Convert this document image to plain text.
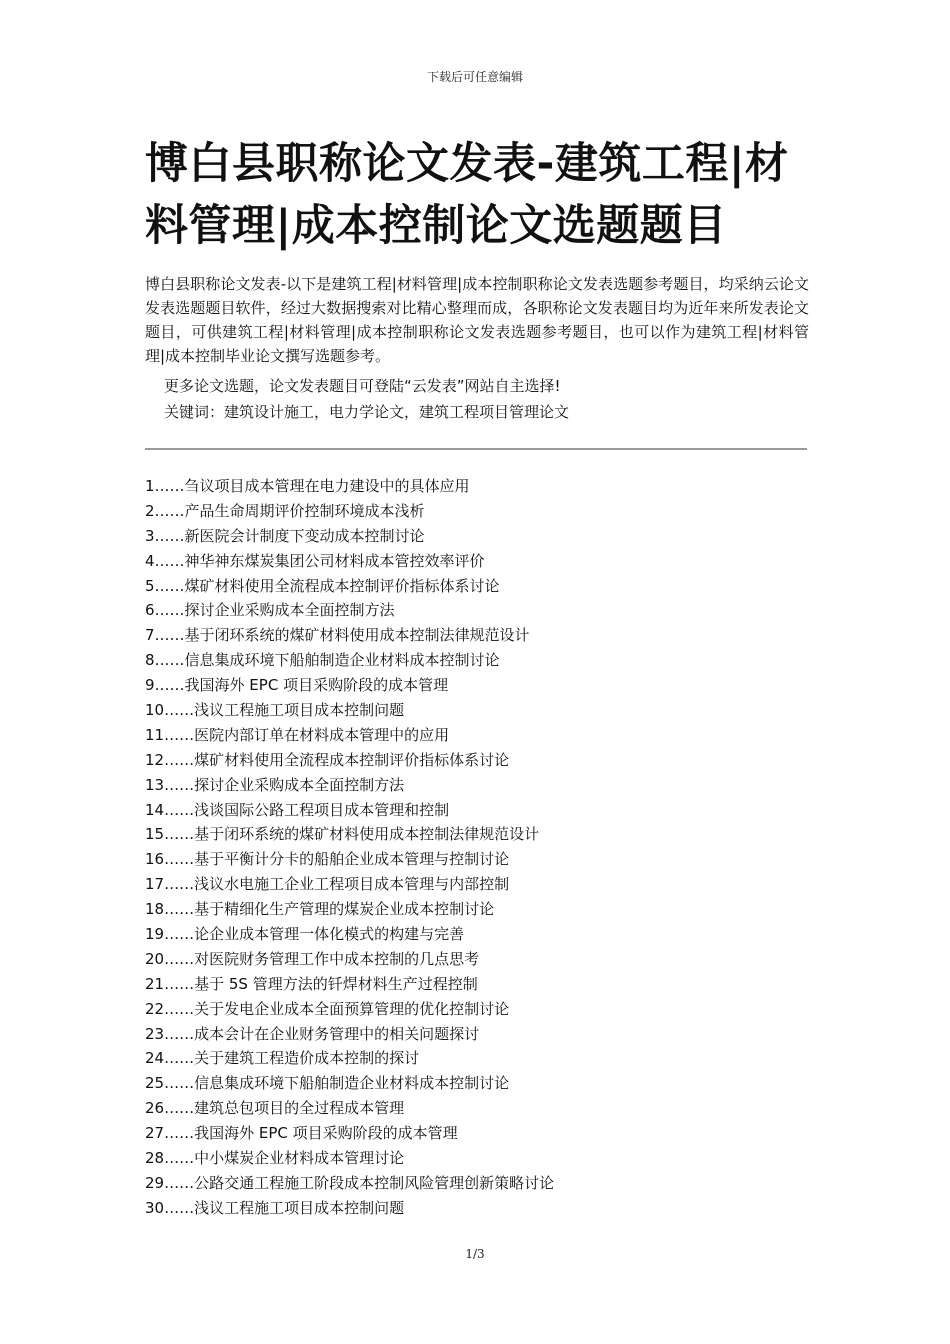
下载后可任意编辑
博白县职称论文发表-建筑工程|材料管理|成本控制论文选题题目

博白县职称论文发表-以下是建筑工程|材料管理|成本控制职称论文发表选题参考题目，均采纳云论文发表选题题目软件，经过大数据搜索对比精心整理而成，各职称论文发表题目均为近年来所发表论文题目，可供建筑工程|材料管理|成本控制职称论文发表选题参考题目，也可以作为建筑工程|材料管理|成本控制毕业论文撰写选题参考。

更多论文选题，论文发表题目可登陆“云发表”网站自主选择!

关键词：建筑设计施工，电力学论文，建筑工程项目管理论文

1……刍议项目成本管理在电力建设中的具体应用
2……产品生命周期评价控制环境成本浅析
3……新医院会计制度下变动成本控制讨论
4……神华神东煤炭集团公司材料成本管控效率评价
5……煤矿材料使用全流程成本控制评价指标体系讨论
6……探讨企业采购成本全面控制方法
7……基于闭环系统的煤矿材料使用成本控制法律规范设计
8……信息集成环境下船舶制造企业材料成本控制讨论
9……我国海外 EPC 项目采购阶段的成本管理
10……浅议工程施工项目成本控制问题
11……医院内部订单在材料成本管理中的应用
12……煤矿材料使用全流程成本控制评价指标体系讨论
13……探讨企业采购成本全面控制方法
14……浅谈国际公路工程项目成本管理和控制
15……基于闭环系统的煤矿材料使用成本控制法律规范设计
16……基于平衡计分卡的船舶企业成本管理与控制讨论
17……浅议水电施工企业工程项目成本管理与内部控制
18……基于精细化生产管理的煤炭企业成本控制讨论
19……论企业成本管理一体化模式的构建与完善
20……对医院财务管理工作中成本控制的几点思考
21……基于 5S 管理方法的钎焊材料生产过程控制
22……关于发电企业成本全面预算管理的优化控制讨论
23……成本会计在企业财务管理中的相关问题探讨
24……关于建筑工程造价成本控制的探讨
25……信息集成环境下船舶制造企业材料成本控制讨论
26……建筑总包项目的全过程成本管理
27……我国海外 EPC 项目采购阶段的成本管理
28……中小煤炭企业材料成本管理讨论
29……公路交通工程施工阶段成本控制风险管理创新策略讨论
30……浅议工程施工项目成本控制问题
1/3
